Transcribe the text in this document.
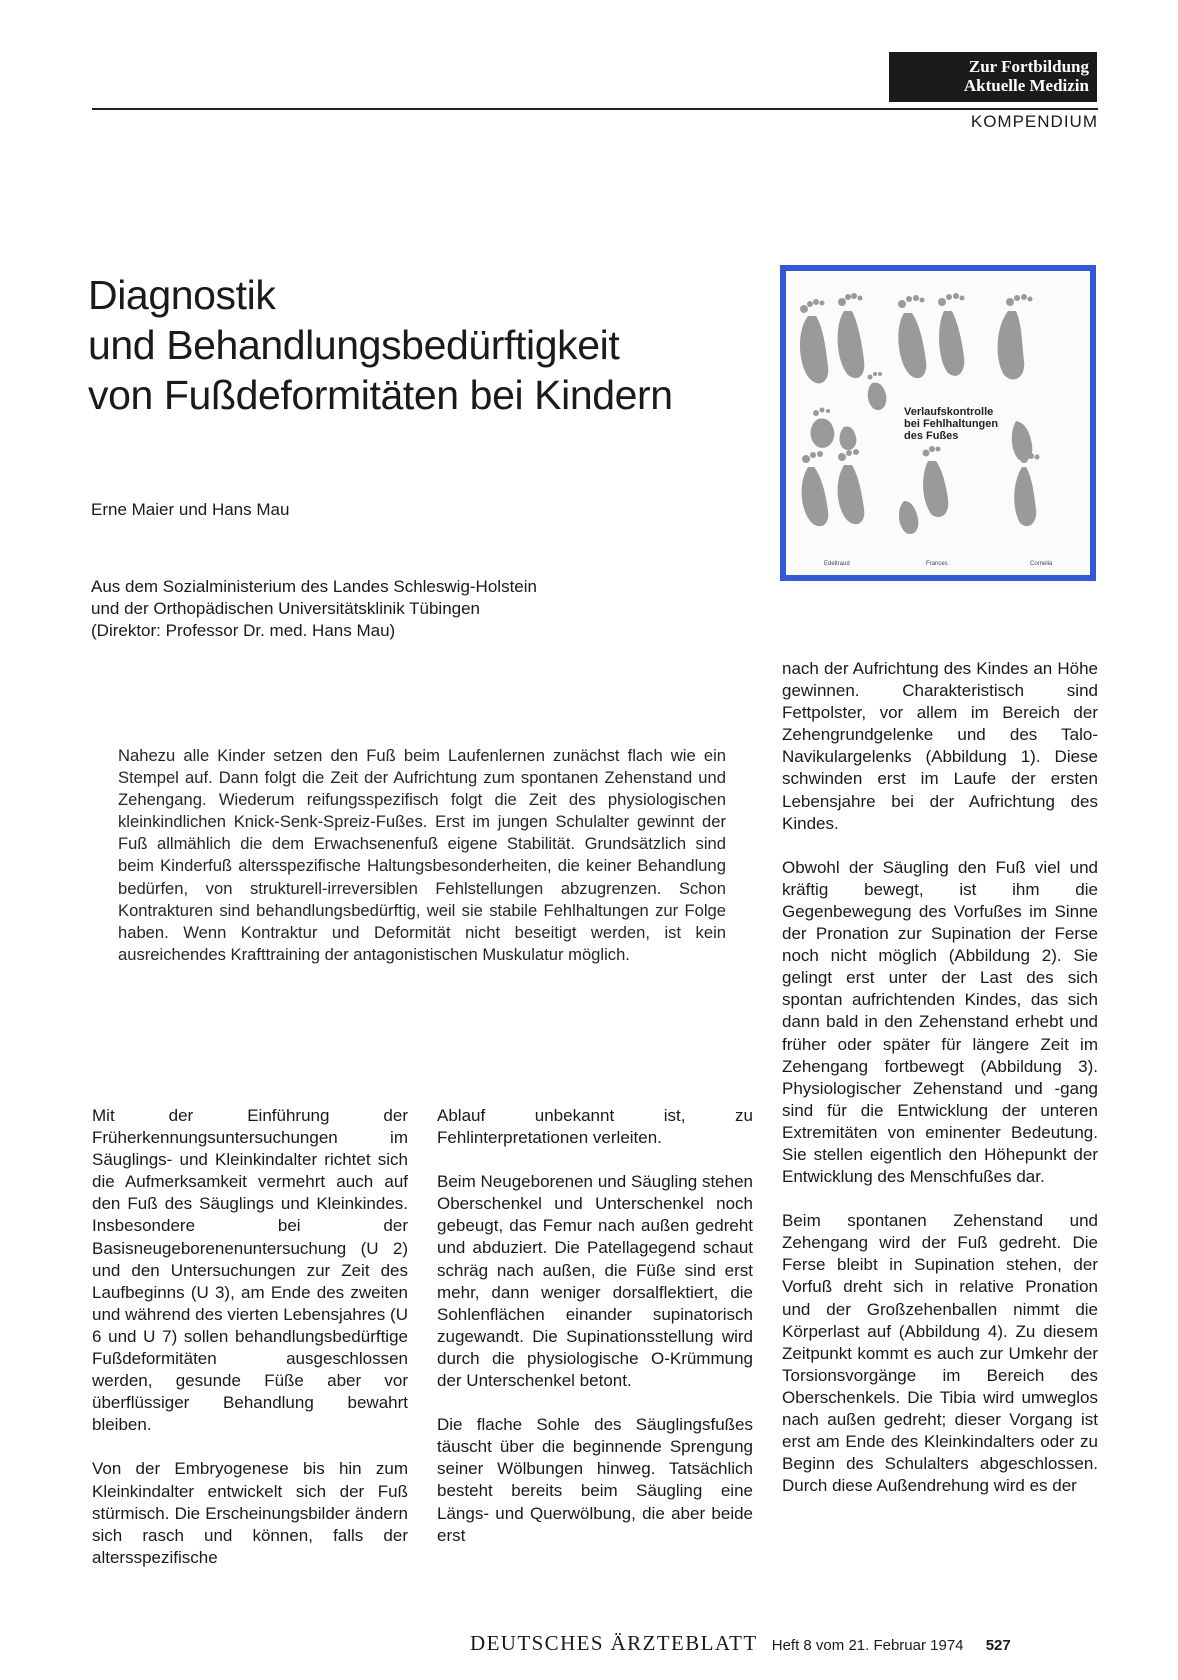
Zur Fortbildung
Aktuelle Medizin
KOMPENDIUM
Diagnostik
und Behandlungsbedürftigkeit
von Fußdeformitäten bei Kindern	Verlaufskontrolle
bei Fehlhaltungen
des Fußes
Edeltraud	Frances	Cornelia
Erne Maier und Hans Mau
Aus dem Sozialministerium des Landes Schleswig-Holstein
und der Orthopädischen Universitätsklinik Tübingen
(Direktor: Professor Dr. med. Hans Mau)

Nahezu alle Kinder setzen den Fuß beim Laufenlernen zunächst flach wie ein Stempel auf. Dann folgt die Zeit der Aufrichtung zum spontanen Zehenstand und Zehengang. Wiederum reifungsspezifisch folgt die Zeit des physiologischen kleinkindlichen Knick-Senk-Spreiz-Fußes. Erst im jungen Schulalter gewinnt der Fuß allmählich die dem Erwachsenenfuß eigene Stabilität. Grundsätzlich sind beim Kinderfuß altersspezifische Haltungsbesonderheiten, die keiner Behandlung bedürfen, von strukturell-irreversiblen Fehlstellungen abzugrenzen. Schon Kontrakturen sind behandlungsbedürftig, weil sie stabile Fehlhaltungen zur Folge haben. Wenn Kontraktur und Deformität nicht beseitigt werden, ist kein ausreichendes Krafttraining der antagonistischen Muskulatur möglich.

Mit der Einführung der Früherkennungsuntersuchungen im Säuglings- und Kleinkindalter richtet sich die Aufmerksamkeit vermehrt auch auf den Fuß des Säuglings und Kleinkindes. Insbesondere bei der Basisneugeborenenuntersuchung (U 2) und den Untersuchungen zur Zeit des Laufbeginns (U 3), am Ende des zweiten und während des vierten Lebensjahres (U 6 und U 7) sollen behandlungsbedürftige Fußdeformitäten ausgeschlossen werden, gesunde Füße aber vor überflüssiger Behandlung bewahrt bleiben.

Von der Embryogenese bis hin zum Kleinkindalter entwickelt sich der Fuß stürmisch. Die Erscheinungsbilder ändern sich rasch und können, falls der altersspezifische

Ablauf unbekannt ist, zu Fehlinterpretationen verleiten.

Beim Neugeborenen und Säugling stehen Oberschenkel und Unterschenkel noch gebeugt, das Femur nach außen gedreht und abduziert. Die Patellagegend schaut schräg nach außen, die Füße sind erst mehr, dann weniger dorsalflektiert, die Sohlenflächen einander supinatorisch zugewandt. Die Supinationsstellung wird durch die physiologische O-Krümmung der Unterschenkel betont.

Die flache Sohle des Säuglingsfußes täuscht über die beginnende Sprengung seiner Wölbungen hinweg. Tatsächlich besteht bereits beim Säugling eine Längs- und Querwölbung, die aber beide erst

nach der Aufrichtung des Kindes an Höhe gewinnen. Charakteristisch sind Fettpolster, vor allem im Bereich der Zehengrundgelenke und des Talo-Navikulargelenks (Abbildung 1). Diese schwinden erst im Laufe der ersten Lebensjahre bei der Aufrichtung des Kindes.

Obwohl der Säugling den Fuß viel und kräftig bewegt, ist ihm die Gegenbewegung des Vorfußes im Sinne der Pronation zur Supination der Ferse noch nicht möglich (Abbildung 2). Sie gelingt erst unter der Last des sich spontan aufrichtenden Kindes, das sich dann bald in den Zehenstand erhebt und früher oder später für längere Zeit im Zehengang fortbewegt (Abbildung 3). Physiologischer Zehenstand und -gang sind für die Entwicklung der unteren Extremitäten von eminenter Bedeutung. Sie stellen eigentlich den Höhepunkt der Entwicklung des Menschfußes dar.

Beim spontanen Zehenstand und Zehengang wird der Fuß gedreht. Die Ferse bleibt in Supination stehen, der Vorfuß dreht sich in relative Pronation und der Großzehenballen nimmt die Körperlast auf (Abbildung 4). Zu diesem Zeitpunkt kommt es auch zur Umkehr der Torsionsvorgänge im Bereich des Oberschenkels. Die Tibia wird umweglos nach außen gedreht; dieser Vorgang ist erst am Ende des Kleinkindalters oder zu Beginn des Schulalters abgeschlossen. Durch diese Außendrehung wird es der

DEUTSCHES ÄRZTEBLATT Heft 8 vom 21. Februar 1974 527
